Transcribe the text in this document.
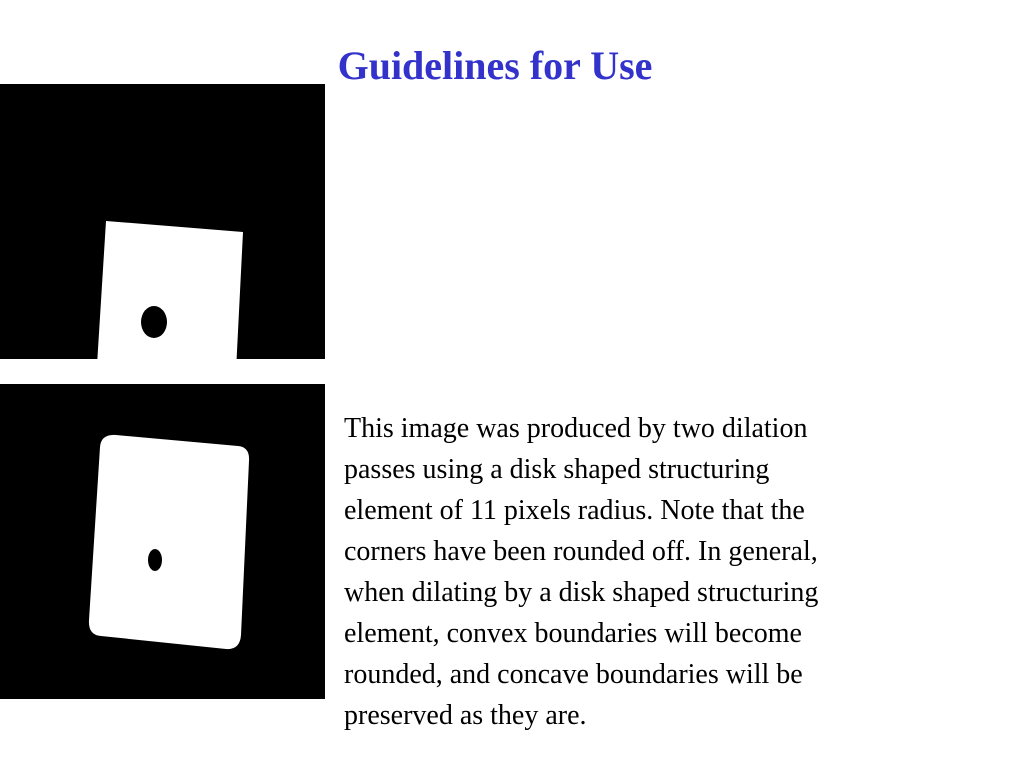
Guidelines for Use

This image was produced by two dilation
passes using a disk shaped structuring
element of 11 pixels radius. Note that the
corners have been rounded off. In general,
when dilating by a disk shaped structuring
element, convex boundaries will become
rounded, and concave boundaries will be
preserved as they are.
